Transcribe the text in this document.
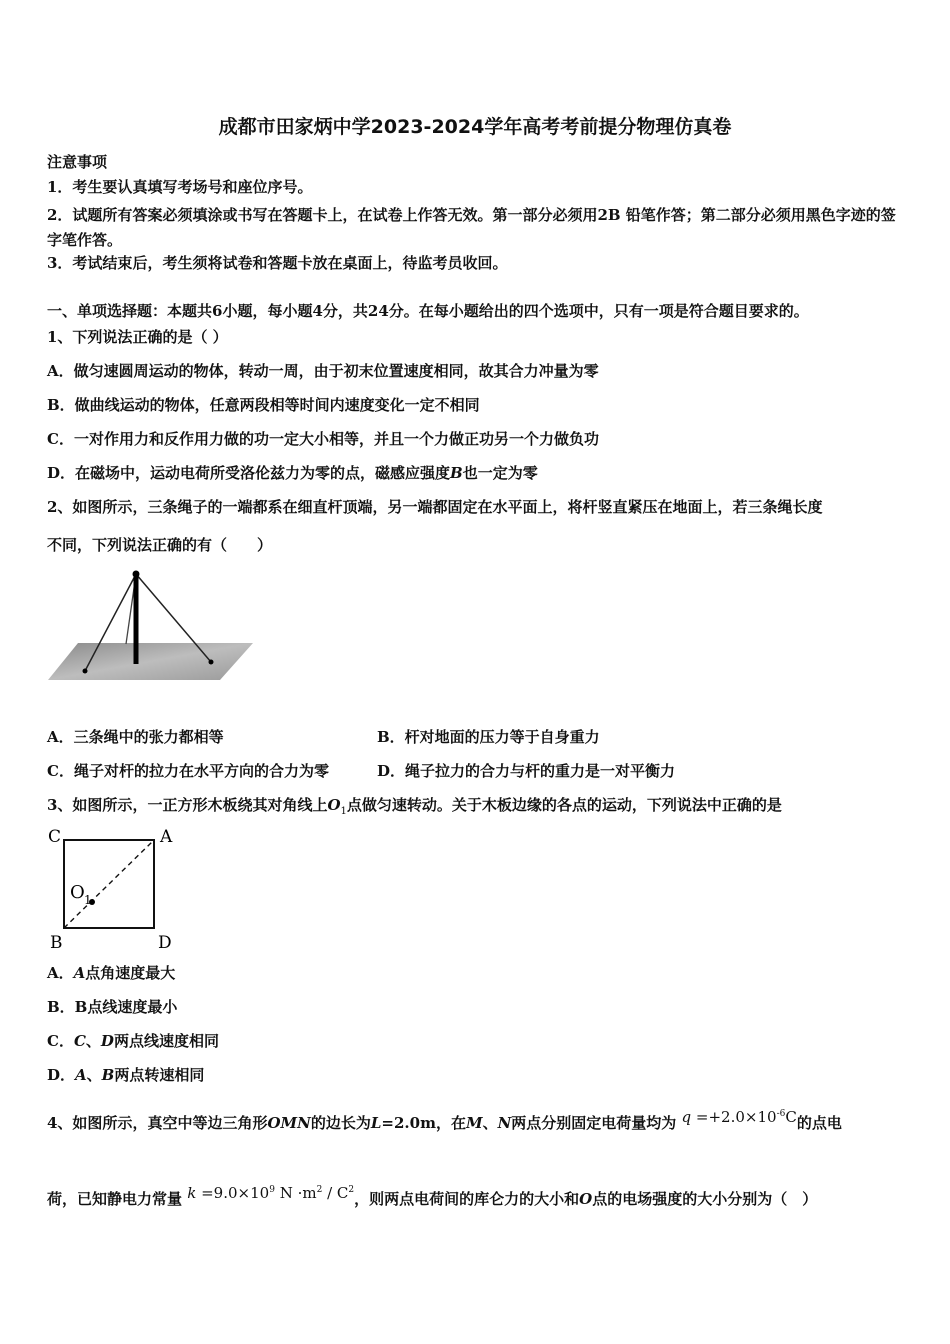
成都市田家炳中学2023-2024学年高考考前提分物理仿真卷
注意事项
1．考生要认真填写考场号和座位序号。
2．试题所有答案必须填涂或书写在答题卡上，在试卷上作答无效。第一部分必须用2B 铅笔作答；第二部分必须用黑色字迹的签字笔作答。
3．考试结束后，考生须将试卷和答题卡放在桌面上，待监考员收回。
一、单项选择题：本题共6小题，每小题4分，共24分。在每小题给出的四个选项中，只有一项是符合题目要求的。
1、下列说法正确的是（ ）
A．做匀速圆周运动的物体，转动一周，由于初末位置速度相同，故其合力冲量为零
B．做曲线运动的物体，任意两段相等时间内速度变化一定不相同
C．一对作用力和反作用力做的功一定大小相等，并且一个力做正功另一个力做负功
D．在磁场中，运动电荷所受洛伦兹力为零的点，磁感应强度B也一定为零
2、如图所示，三条绳子的一端都系在细直杆顶端，另一端都固定在水平面上，将杆竖直紧压在地面上，若三条绳长度
不同，下列说法正确的有（　　）
A．三条绳中的张力都相等	B．杆对地面的压力等于自身重力
C．绳子对杆的拉力在水平方向的合力为零	D．绳子拉力的合力与杆的重力是一对平衡力
3、如图所示，一正方形木板绕其对角线上$O_1$点做匀速转动。关于木板边缘的各点的运动，下列说法中正确的是
C	A
B	D
O 1
A．A点角速度最大
B．B点线速度最小
C．C、D两点线速度相同
D．A、B两点转速相同
4、如图所示，真空中等边三角形OMN的边长为L=2.0m，在M、N两点分别固定电荷量均为 $q =+2.0\times 10^{-6}C$的点电
荷，已知静电力常量 $k =9.0\times 10^9$ $N \cdot m^2 / C^2$，则两点电荷间的库仑力的大小和O点的电场强度的大小分别为（　）
